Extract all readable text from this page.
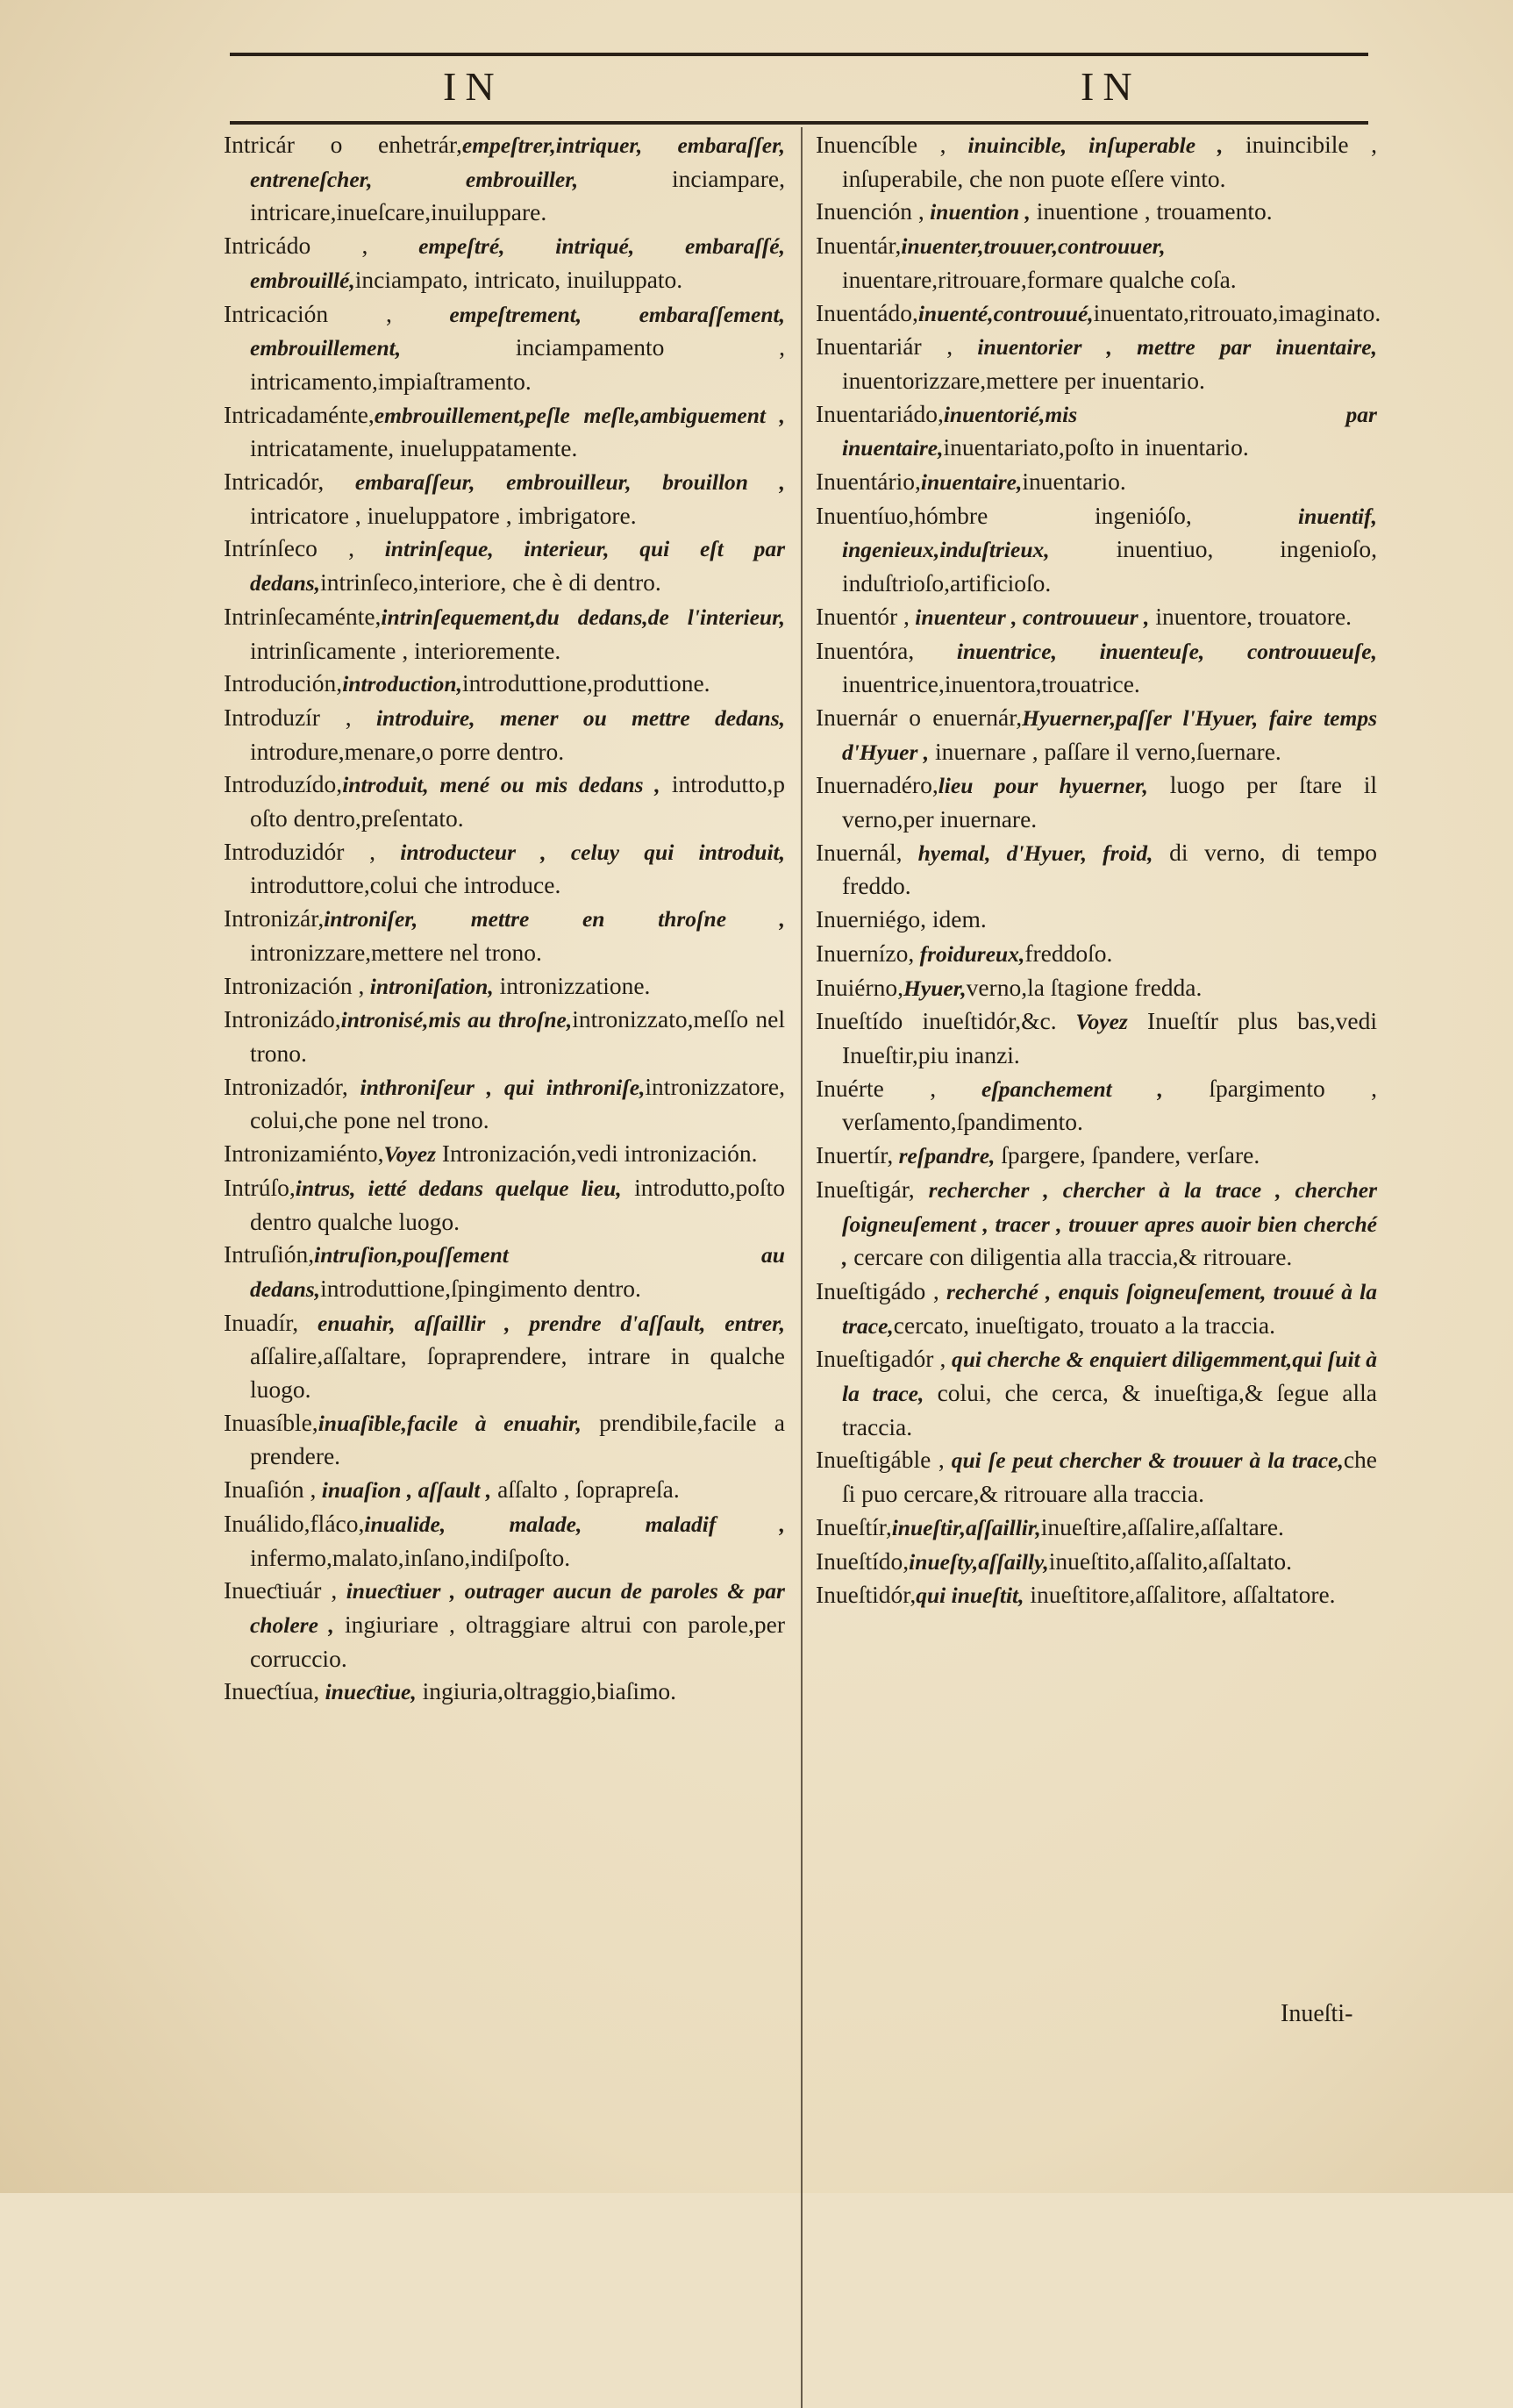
IN	IN

Intricár o enhetrár,empeſtrer,intriquer, embaraſſer, entreneſcher, embrouiller, inciampare, intricare,inueſcare,inuiluppare.

Intricádo , empeſtré, intriqué, embaraſſé, embrouillé,inciampato, intricato, inuiluppato.

Intricación , empeſtrement, embaraſſement, embrouillement, inciampamento , intricamento,impiaſtramento.

Intricadaménte,embrouillement,peſle meſle,ambiguement , intricatamente, inueluppatamente.

Intricadór, embaraſſeur, embrouilleur, brouillon , intricatore , inueluppatore , imbrigatore.

Intrínſeco , intrinſeque, interieur, qui eſt par dedans,intrinſeco,interiore, che è di dentro.

Intrinſecaménte,intrinſequement,du dedans,de l'interieur, intrinſicamente , interioremente.

Introdución,introduction,introduttione,produttione.

Introduzír , introduire, mener ou mettre dedans, introdure,menare,o porre dentro.

Introduzído,introduit, mené ou mis dedans , introdutto,p oſto dentro,preſentato.

Introduzidór , introducteur , celuy qui introduit, introduttore,colui che introduce.

Intronizár,introniſer, mettre en throſne , intronizzare,mettere nel trono.

Intronización , introniſation, intronizzatione.

Intronizádo,intronisé,mis au throſne,intronizzato,meſſo nel trono.

Intronizadór, inthroniſeur , qui inthroniſe,intronizzatore, colui,che pone nel trono.

Intronizamiénto,Voyez Intronización,vedi intronización.

Intrúſo,intrus, ietté dedans quelque lieu, introdutto,poſto dentro qualche luogo.

Intruſión,intruſion,pouſſement au dedans,introduttione,ſpingimento dentro.

Inuadír, enuahir, aſſaillir , prendre d'aſſault, entrer, aſſalire,aſſaltare, ſopraprendere, intrare in qualche luogo.

Inuasíble,inuaſible,facile à enuahir, prendibile,facile a prendere.

Inuaſión , inuaſion , aſſault , aſſalto , ſopraprеſa.

Inuálido,fláco,inualide, malade, maladif , infermo,malato,inſano,indiſpoſto.

Inueƈtiuár , inueƈtiuer , outrager aucun de paroles & par cholere , ingiuriare , oltraggiare altrui con parole,per corruccio.

Inueƈtíua, inueƈtiue, ingiuria,oltraggio,biaſimo.

Inuencíble , inuincible, inſuperable , inuincibile , inſuperabile, che non puote eſſere vinto.

Inuención , inuention , inuentione , trouamento.

Inuentár,inuenter,trouuer,controuuer, inuentare,ritrouare,formare qualche coſa.

Inuentádo,inuenté,controuué,inuentato,ritrouato,imaginato.

Inuentariár , inuentorier , mettre par inuentaire, inuentorizzare,mettere per inuentario.

Inuentariádo,inuentorié,mis par inuentaire,inuentariato,poſto in inuentario.

Inuentário,inuentaire,inuentario.

Inuentíuo,hómbre ingenióſo, inuentif, ingenieux,induſtrieux, inuentiuo, ingenioſo, induſtrioſo,artificioſo.

Inuentór , inuenteur , controuueur , inuentore, trouatore.

Inuentóra, inuentrice, inuenteuſe, controuueuſe, inuentrice,inuentora,trouatrice.

Inuernár o enuernár,Hyuerner,paſſer l'Hyuer, faire temps d'Hyuer , inuernare , paſſare il verno,ſuernare.

Inuernadéro,lieu pour hyuerner, luogo per ſtare il verno,per inuernare.

Inuernál, hyemal, d'Hyuer, froid, di verno, di tempo freddo.

Inuerniégo, idem.

Inuernízo, froidureux,freddoſo.

Inuiérno,Hyuer,verno,la ſtagione fredda.

Inueſtído inueſtidór,&c. Voyez Inueſtír plus bas,vedi Inueſtir,piu inanzi.

Inuérte , eſpanchement , ſpargimento , verſamento,ſpandimento.

Inuertír, reſpandre, ſpargere, ſpandere, verſare.

Inueſtigár, rechercher , chercher à la trace , chercher ſoigneuſement , tracer , trouuer apres auoir bien cherché , cercare con diligentia alla traccia,& ritrouare.

Inueſtigádo , recherché , enquis ſoigneuſement, trouué à la trace,cercato, inueſtigato, trouato a la traccia.

Inueſtigadór , qui cherche & enquiert diligemment,qui ſuit à la trace, colui, che cerca, & inueſtiga,& ſegue alla traccia.

Inueſtigáble , qui ſe peut chercher & trouuer à la trace,che ſi puo cercare,& ritrouare alla traccia.

Inueſtír,inueſtir,aſſaillir,inueſtire,aſſalire,aſſaltare.

Inueſtído,inueſty,aſſailly,inueſtito,aſſalito,aſſaltato.

Inueſtidór,qui inueſtit, inueſtitore,aſſalitore, aſſaltatore.

Inueſti-
